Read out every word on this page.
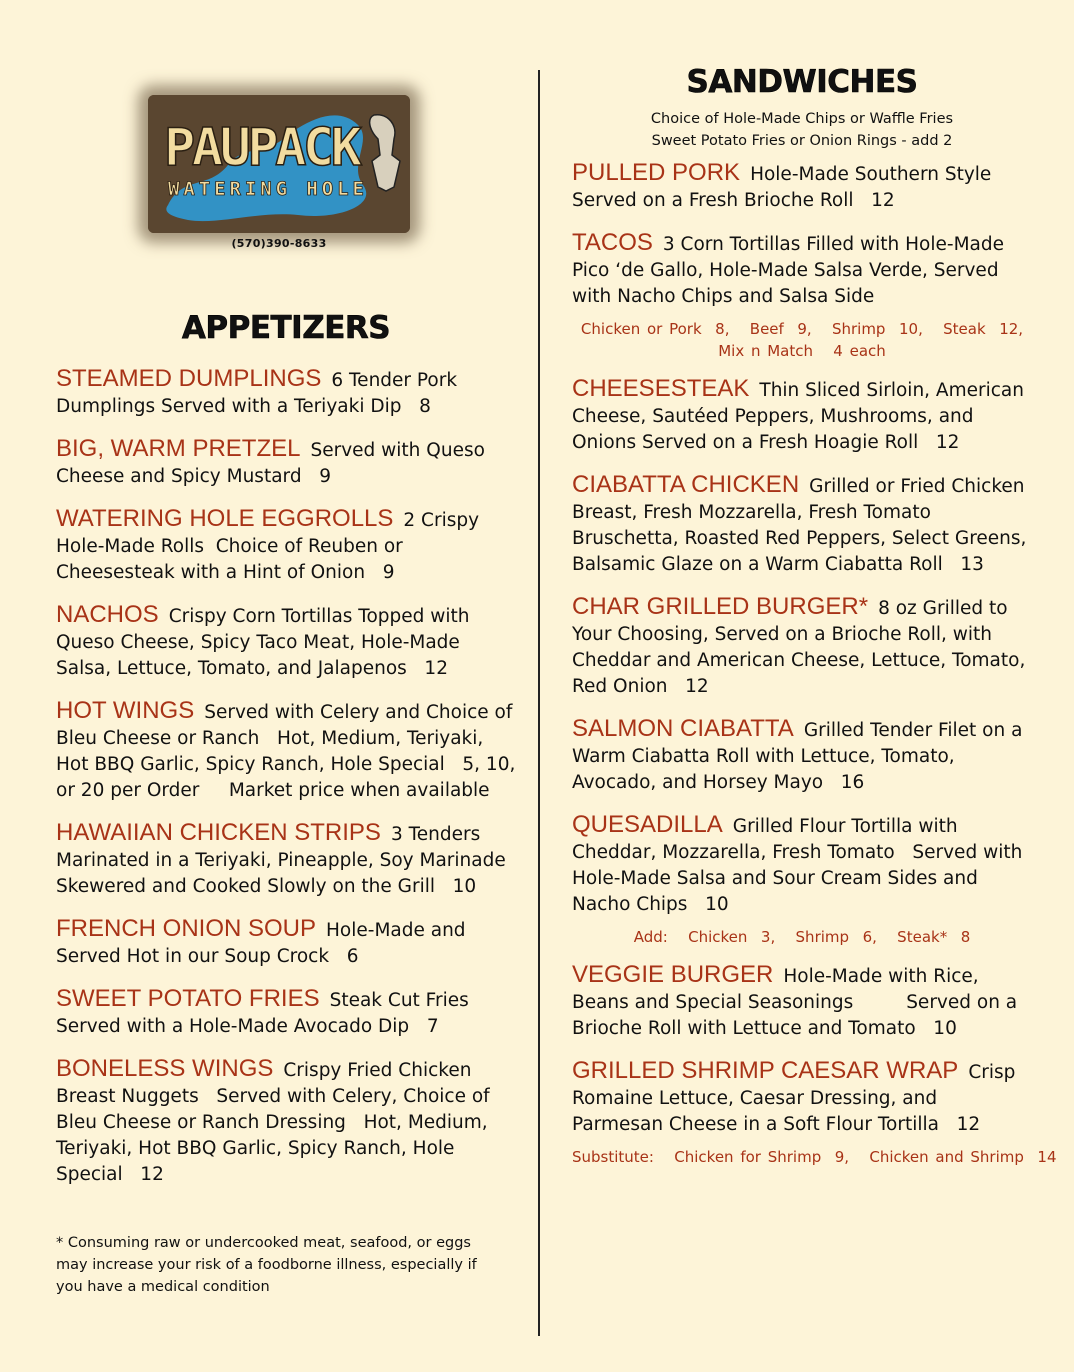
PAUPACK
WATERING HOLE
(570)390-8633
APPETIZERS
STEAMED DUMPLINGS 6 Tender Pork Dumplings Served with a Teriyaki Dip   8
BIG, WARM PRETZEL Served with Queso Cheese and Spicy Mustard   9
WATERING HOLE EGGROLLS 2 Crispy Hole-Made Rolls  Choice of Reuben or Cheesesteak with a Hint of Onion   9
NACHOS Crispy Corn Tortillas Topped with Queso Cheese, Spicy Taco Meat, Hole-Made Salsa, Lettuce, Tomato, and Jalapenos   12
HOT WINGS Served with Celery and Choice of Bleu Cheese or Ranch   Hot, Medium, Teriyaki, Hot BBQ Garlic, Spicy Ranch, Hole Special   5, 10, or 20 per Order     Market price when available
HAWAIIAN CHICKEN STRIPS 3 Tenders Marinated in a Teriyaki, Pineapple, Soy Marinade Skewered and Cooked Slowly on the Grill   10
FRENCH ONION SOUP Hole-Made and Served Hot in our Soup Crock   6
SWEET POTATO FRIES Steak Cut Fries Served with a Hole-Made Avocado Dip   7
BONELESS WINGS Crispy Fried Chicken Breast Nuggets   Served with Celery, Choice of Bleu Cheese or Ranch Dressing   Hot, Medium, Teriyaki, Hot BBQ Garlic, Spicy Ranch, Hole Special   12
* Consuming raw or undercooked meat, seafood, or eggs may increase your risk of a foodborne illness, especially if you have a medical condition
SANDWICHES
Choice of Hole-Made Chips or Waffle Fries
Sweet Potato Fries or Onion Rings - add 2
PULLED PORK Hole-Made Southern Style Served on a Fresh Brioche Roll   12
TACOS 3 Corn Tortillas Filled with Hole-Made Pico ‘de Gallo, Hole-Made Salsa Verde, Served with Nacho Chips and Salsa Side
Chicken or Pork  8,   Beef  9,   Shrimp  10,   Steak  12,
Mix n Match   4 each
CHEESESTEAK Thin Sliced Sirloin, American Cheese, Sautéed Peppers, Mushrooms, and Onions Served on a Fresh Hoagie Roll   12
CIABATTA CHICKEN Grilled or Fried Chicken Breast, Fresh Mozzarella, Fresh Tomato Bruschetta, Roasted Red Peppers, Select Greens, Balsamic Glaze on a Warm Ciabatta Roll   13
CHAR GRILLED BURGER* 8 oz Grilled to Your Choosing, Served on a Brioche Roll, with Cheddar and American Cheese, Lettuce, Tomato, Red Onion   12
SALMON CIABATTA Grilled Tender Filet on a Warm Ciabatta Roll with Lettuce, Tomato, Avocado, and Horsey Mayo   16
QUESADILLA Grilled Flour Tortilla with Cheddar, Mozzarella, Fresh Tomato   Served with Hole-Made Salsa and Sour Cream Sides and Nacho Chips   10
Add:   Chicken  3,   Shrimp  6,   Steak*  8
VEGGIE BURGER Hole-Made with Rice, Beans and Special Seasonings         Served on a Brioche Roll with Lettuce and Tomato   10
GRILLED SHRIMP CAESAR WRAP Crisp Romaine Lettuce, Caesar Dressing, and Parmesan Cheese in a Soft Flour Tortilla   12
Substitute:   Chicken for Shrimp  9,   Chicken and Shrimp  14
